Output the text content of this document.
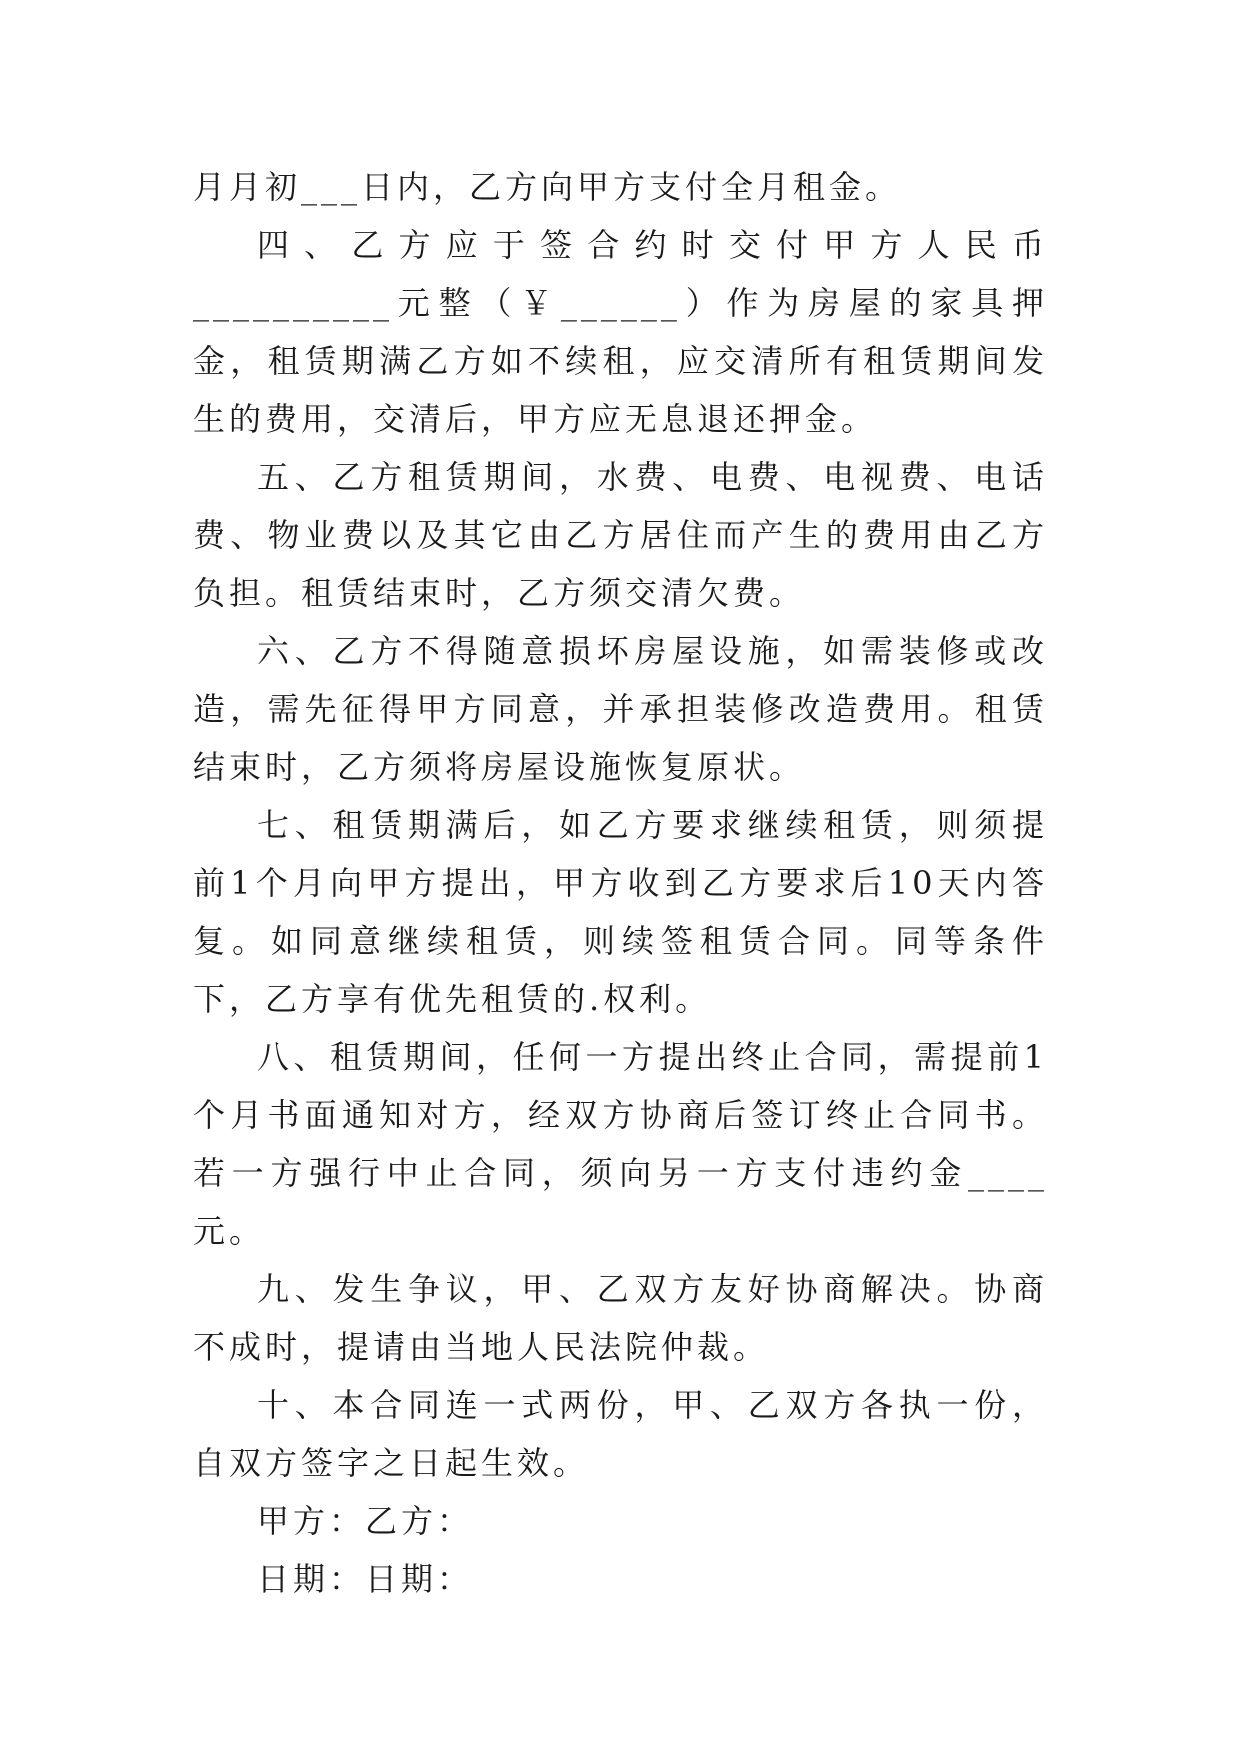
月月初___日内，乙方向甲方支付全月租金。

四、乙方应于签合约时交付甲方人民币__________元整（￥______）作为房屋的家具押金，租赁期满乙方如不续租，应交清所有租赁期间发生的费用，交清后，甲方应无息退还押金。

五、乙方租赁期间，水费、电费、电视费、电话费、物业费以及其它由乙方居住而产生的费用由乙方负担。租赁结束时，乙方须交清欠费。

六、乙方不得随意损坏房屋设施，如需装修或改造，需先征得甲方同意，并承担装修改造费用。租赁结束时，乙方须将房屋设施恢复原状。

七、租赁期满后，如乙方要求继续租赁，则须提前1个月向甲方提出，甲方收到乙方要求后10天内答复。如同意继续租赁，则续签租赁合同。同等条件下，乙方享有优先租赁的.权利。

八、租赁期间，任何一方提出终止合同，需提前1个月书面通知对方，经双方协商后签订终止合同书。若一方强行中止合同，须向另一方支付违约金____元。

九、发生争议，甲、乙双方友好协商解决。协商不成时，提请由当地人民法院仲裁。

十、本合同连一式两份，甲、乙双方各执一份，自双方签字之日起生效。

甲方：乙方：

日期：日期：
